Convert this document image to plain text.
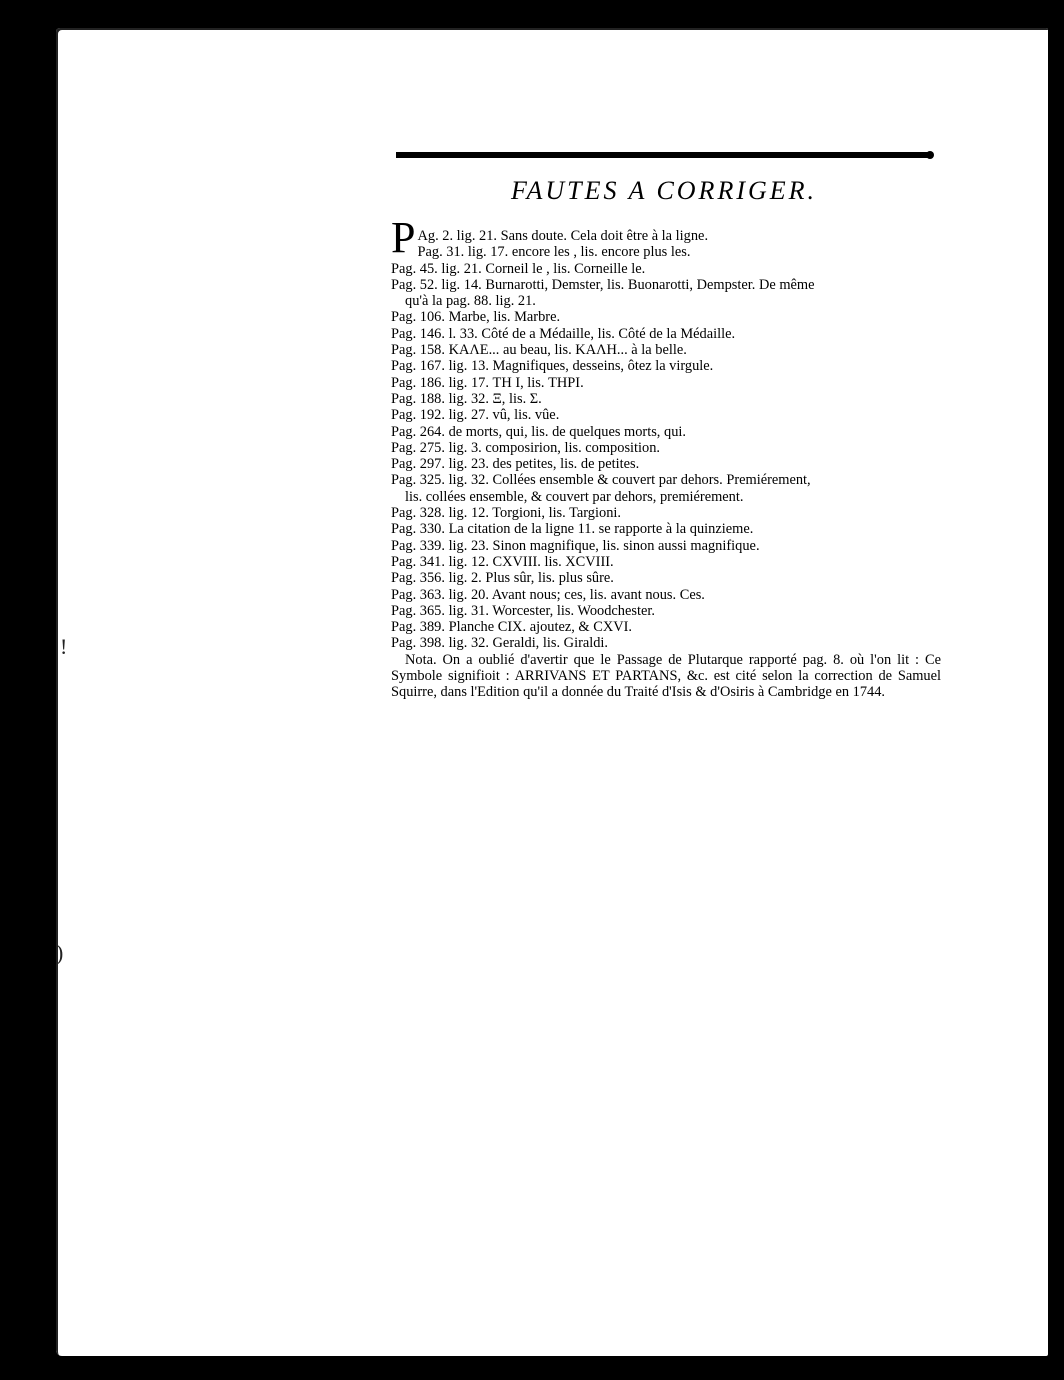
!
)
FAUTES A CORRIGER.
P Ag. 2. lig. 21. Sans doute. Cela doit être à la ligne.
Pag. 31. lig. 17. encore les , lis. encore plus les.
Pag. 45. lig. 21. Corneil le , lis. Corneille le.
Pag. 52. lig. 14. Burnarotti, Demster, lis. Buonarotti, Dempster. De même
qu'à la pag. 88. lig. 21.
Pag. 106. Marbe, lis. Marbre.
Pag. 146. l. 33. Côté de a Médaille, lis. Côté de la Médaille.
Pag. 158. ΚΑΛΕ... au beau, lis. ΚΑΛΗ... à la belle.
Pag. 167. lig. 13. Magnifiques, desseins, ôtez la virgule.
Pag. 186. lig. 17. ΤΗ Ι, lis. ΤΗΡΙ.
Pag. 188. lig. 32. Ξ, lis. Σ.
Pag. 192. lig. 27. vû, lis. vûe.
Pag. 264. de morts, qui, lis. de quelques morts, qui.
Pag. 275. lig. 3. composirion, lis. composition.
Pag. 297. lig. 23. des petites, lis. de petites.
Pag. 325. lig. 32. Collées ensemble & couvert par dehors. Premiérement,
lis. collées ensemble, & couvert par dehors, premiérement.
Pag. 328. lig. 12. Torgioni, lis. Targioni.
Pag. 330. La citation de la ligne 11. se rapporte à la quinzieme.
Pag. 339. lig. 23. Sinon magnifique, lis. sinon aussi magnifique.
Pag. 341. lig. 12. CXVIII. lis. XCVIII.
Pag. 356. lig. 2. Plus sûr, lis. plus sûre.
Pag. 363. lig. 20. Avant nous; ces, lis. avant nous. Ces.
Pag. 365. lig. 31. Worcester, lis. Woodchester.
Pag. 389. Planche CIX. ajoutez, & CXVI.
Pag. 398. lig. 32. Geraldi, lis. Giraldi.
Nota. On a oublié d'avertir que le Passage de Plutarque rapporté pag. 8. où l'on lit : Ce Symbole signifioit : ARRIVANS ET PARTANS, &c. est cité selon la correction de Samuel Squirre, dans l'Edition qu'il a donnée du Traité d'Isis & d'Osiris à Cambridge en 1744.
